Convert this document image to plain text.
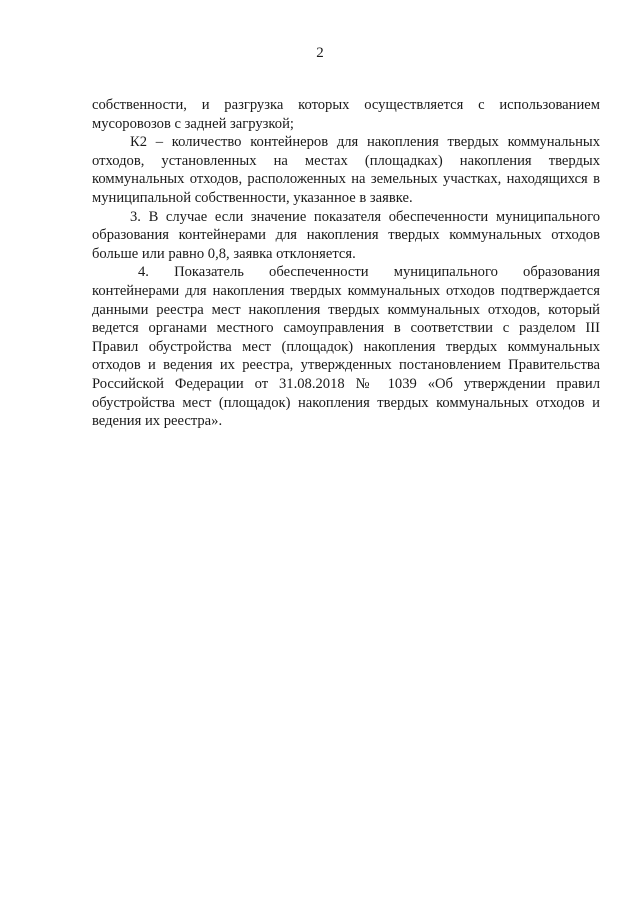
2

собственности, и разгрузка которых осуществляется с использованием мусоровозов с задней загрузкой;

К2 – количество контейнеров для накопления твердых коммунальных отходов, установленных на местах (площадках) накопления твердых коммунальных отходов, расположенных на земельных участках, находящихся в муниципальной собственности, указанное в заявке.

3. В случае если значение показателя обеспеченности муниципального образования контейнерами для накопления твердых коммунальных отходов больше или равно 0,8, заявка отклоняется.

4. Показатель обеспеченности муниципального образования контейнерами для накопления твердых коммунальных отходов подтверждается данными реестра мест накопления твердых коммунальных отходов, который ведется органами местного самоуправления в соответствии с разделом III Правил обустройства мест (площадок) накопления твердых коммунальных отходов и ведения их реестра, утвержденных постановлением Правительства Российской Федерации от 31.08.2018 № 1039 «Об утверждении правил обустройства мест (площадок) накопления твердых коммунальных отходов и ведения их реестра».
